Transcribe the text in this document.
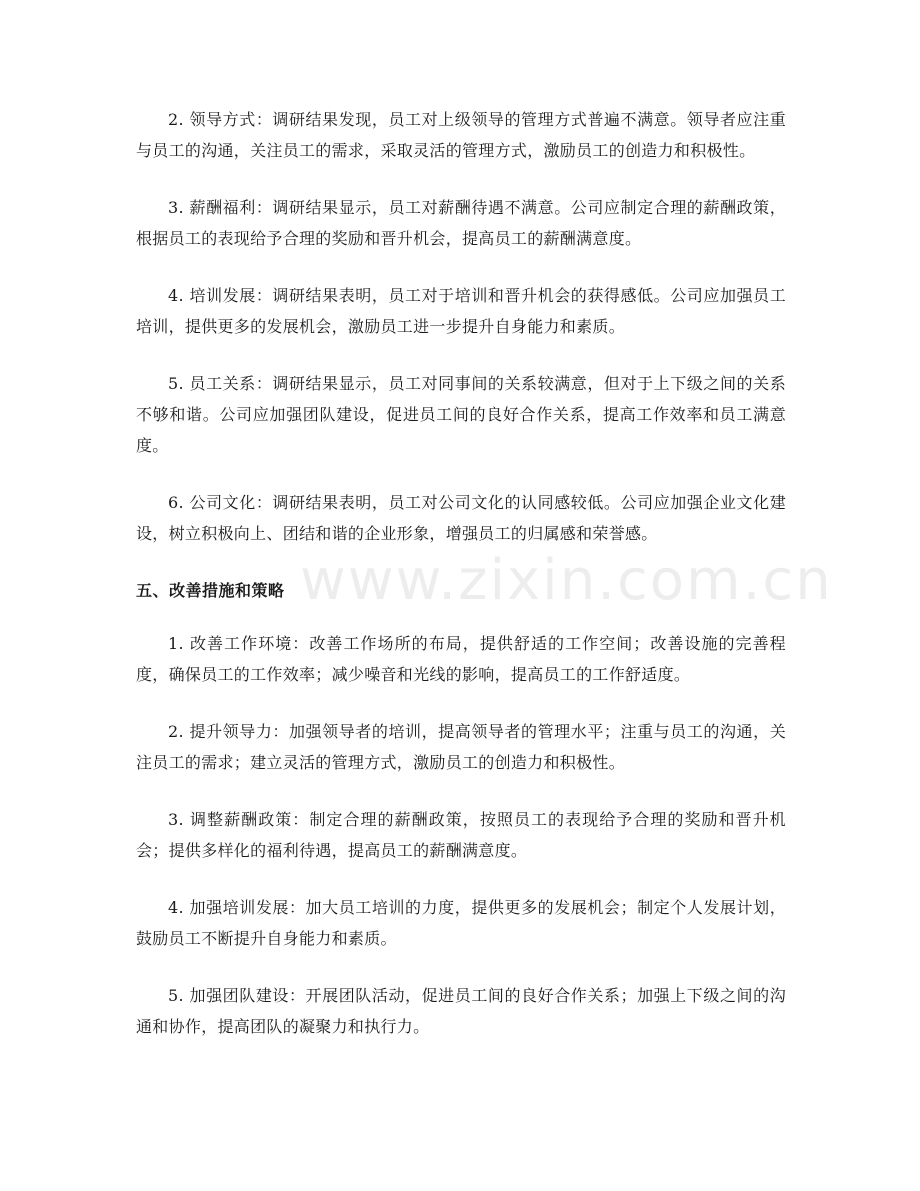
www.zixin.com.cn

2. 领导方式：调研结果发现，员工对上级领导的管理方式普遍不满意。领导者应注重与员工的沟通，关注员工的需求，采取灵活的管理方式，激励员工的创造力和积极性。

3. 薪酬福利：调研结果显示，员工对薪酬待遇不满意。公司应制定合理的薪酬政策，根据员工的表现给予合理的奖励和晋升机会，提高员工的薪酬满意度。

4. 培训发展：调研结果表明，员工对于培训和晋升机会的获得感低。公司应加强员工培训，提供更多的发展机会，激励员工进一步提升自身能力和素质。

5. 员工关系：调研结果显示，员工对同事间的关系较满意，但对于上下级之间的关系不够和谐。公司应加强团队建设，促进员工间的良好合作关系，提高工作效率和员工满意度。

6. 公司文化：调研结果表明，员工对公司文化的认同感较低。公司应加强企业文化建设，树立积极向上、团结和谐的企业形象，增强员工的归属感和荣誉感。

五、改善措施和策略

1. 改善工作环境：改善工作场所的布局，提供舒适的工作空间；改善设施的完善程度，确保员工的工作效率；减少噪音和光线的影响，提高员工的工作舒适度。

2. 提升领导力：加强领导者的培训，提高领导者的管理水平；注重与员工的沟通，关注员工的需求；建立灵活的管理方式，激励员工的创造力和积极性。

3. 调整薪酬政策：制定合理的薪酬政策，按照员工的表现给予合理的奖励和晋升机会；提供多样化的福利待遇，提高员工的薪酬满意度。

4. 加强培训发展：加大员工培训的力度，提供更多的发展机会；制定个人发展计划，鼓励员工不断提升自身能力和素质。

5. 加强团队建设：开展团队活动，促进员工间的良好合作关系；加强上下级之间的沟通和协作，提高团队的凝聚力和执行力。
